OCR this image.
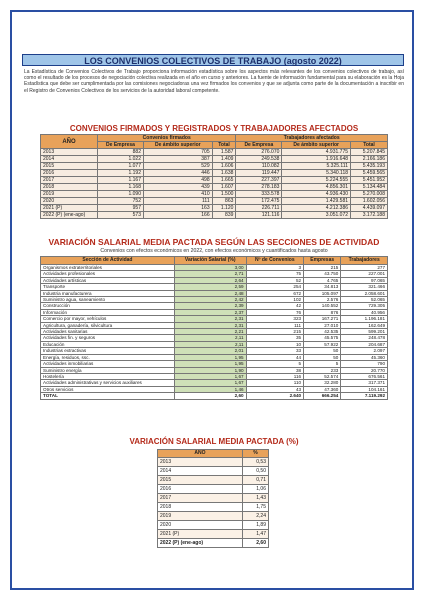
LOS CONVENIOS COLECTIVOS DE TRABAJO (agosto 2022)
La Estadística de Convenios Colectivos de Trabajo proporciona información estadística sobre los aspectos más relevantes de los convenios colectivos de trabajo, así como el resultado de los procesos de negociación colectiva realizada en el año en curso y anteriores. La fuente de información fundamental para su elaboración es la Hoja Estadística que debe ser cumplimentada por las comisiones negociadoras una vez firmados los convenios y que se adjunta como parte de la documentación a inscribir en el Registro de Convenios Colectivos de los servicios de la autoridad laboral competente.
CONVENIOS FIRMADOS Y REGISTRADOS Y TRABAJADORES AFECTADOS
AÑO	Convenios firmados			Trabajadores afectados		
	De Empresa	De ámbito superior	Total	De Empresa	De ámbito superior	Total
2013	882	705	1.587	276.070	4.931.775	5.207.845
2014	1.022	387	1.409	249.538	1.916.648	2.166.186
2015	1.077	529	1.606	110.082	5.325.111	5.435.193
2016	1.192	446	1.638	119.447	5.340.118	5.459.565
2017	1.167	498	1.665	227.397	5.224.555	5.451.952
2018	1.168	439	1.607	278.183	4.856.301	5.134.484
2019	1.090	410	1.500	333.578	4.936.430	5.270.008
2020	752	111	863	172.475	1.429.581	1.602.056
2021 (P)	957	163	1.120	226.711	4.212.386	4.439.097
2022 (P) (ene-ago)	573	166	839	121.116	3.051.072	3.172.188
VARIACIÓN SALARIAL MEDIA PACTADA SEGÚN LAS SECCIONES DE ACTIVIDAD
Convenios con efectos económicos en 2022, con efectos económicos y cuantificados hasta agosto
Sección de Actividad	Variación Salarial (%)	Nº de Convenios	Empresas	Trabajadores
Organismos extraterritoriales	3,00	3	215	277
Actividades profesionales	2,71	75	43.750	227.001
Actividades artísticas	2,64	52	4.765	97.065
Transporte	2,59	254	34.813	321.466
Industria manufacturera	2,48	672	105.097	2.058.601
Suministro agua, saneamiento	2,42	102	2.576	52.065
Construcción	2,39	42	140.552	729.305
Información	2,37	76	876	40.956
Comercio por mayor, vehículos	2,31	323	167.271	1.196.181
Agricultura, ganadería, silvicultura	2,31	111	27.010	162.649
Actividades sanitarias	2,21	215	42.535	599.201
Actividades fin. y seguros	2,11	35	45.575	248.478
Educación	2,11	10	57.922	204.687
Industrias extractivas	2,01	33	50	2.097
Energía, residuos, ssc.	1,95	44	50	45.360
Actividades inmobiliarias	1,95	5	5	790
Suministro energía	1,90	38	233	20.770
Hostelería	1,67	116	52.574	676.561
Actividades administrativas y servicios auxiliares	1,67	110	32.280	317.371
Otros servicios	1,46	43	47.360	104.161
TOTAL	2,60	2.640	666.254	7.119.292
VARIACIÓN SALARIAL MEDIA PACTADA (%)
AÑO	%
2013	0,53
2014	0,50
2015	0,71
2016	1,06
2017	1,43
2018	1,75
2019	2,24
2020	1,89
2021 (P)	1,47
2022 (P) (ene-ago)	2,60
